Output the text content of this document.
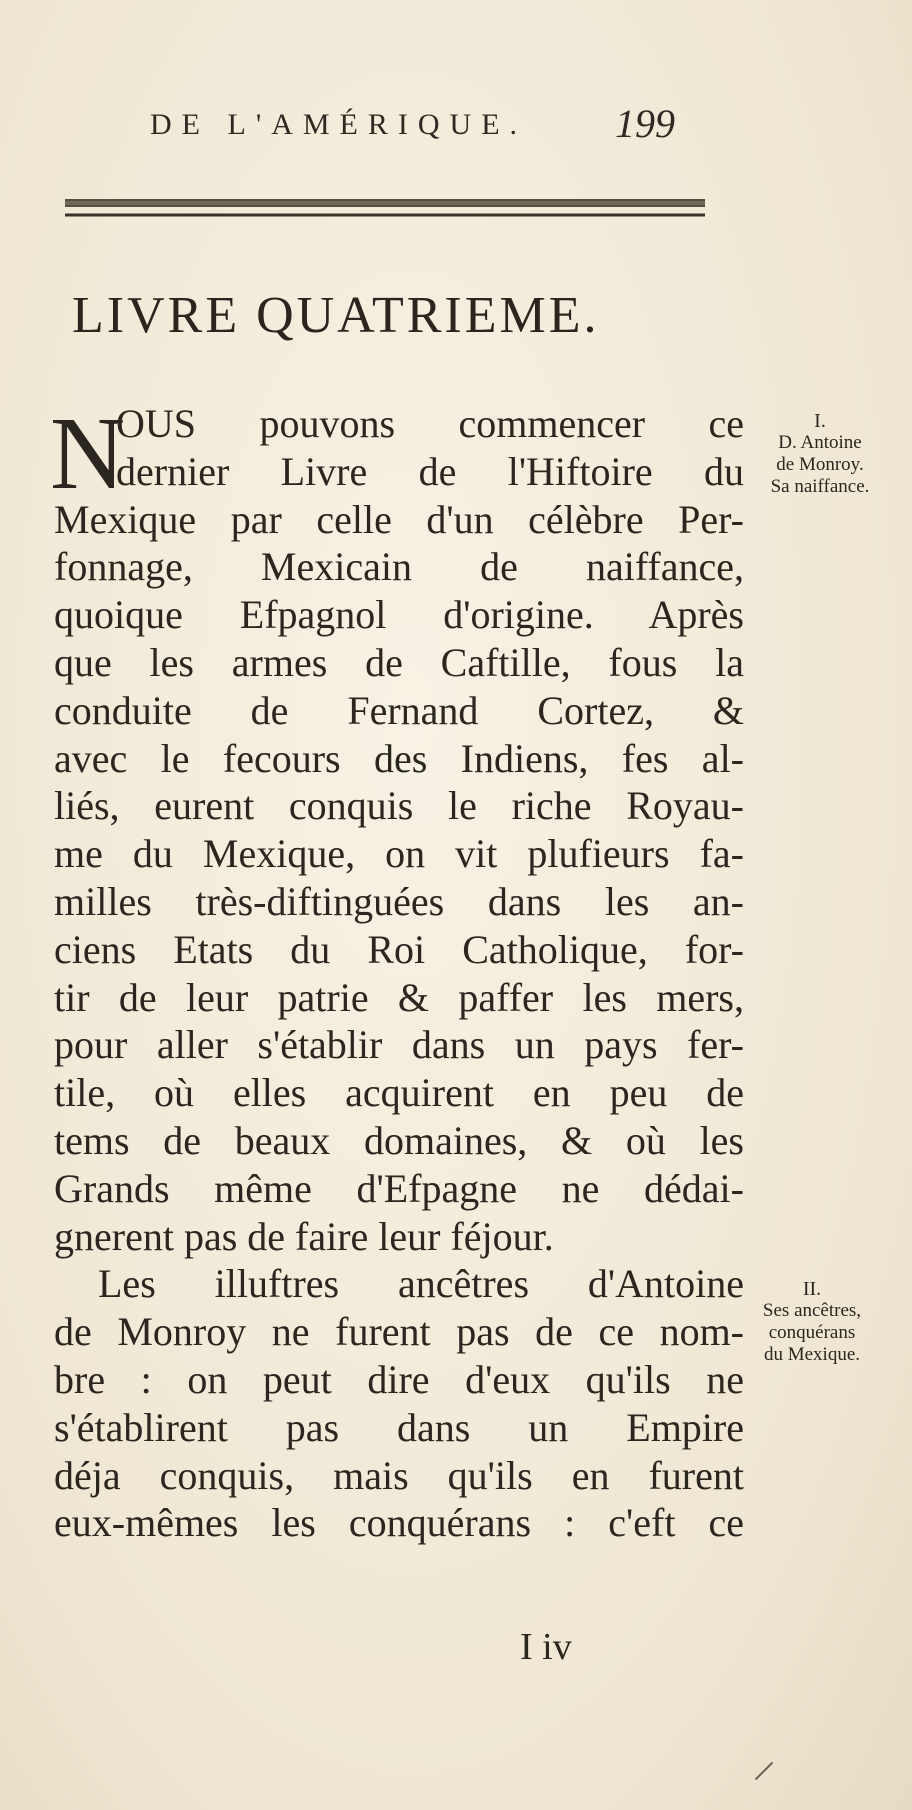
DE L'AMÉRIQUE. 199
LIVRE QUATRIEME.
N
OUS pouvons commencer ce
dernier Livre de l'Hiftoire du
Mexique par celle d'un célèbre Per-
fonnage, Mexicain de naiffance,
quoique Efpagnol d'origine. Après
que les armes de Caftille, fous la
conduite de Fernand Cortez, &
avec le fecours des Indiens, fes al-
liés, eurent conquis le riche Royau-
me du Mexique, on vit plufieurs fa-
milles très-diftinguées dans les an-
ciens Etats du Roi Catholique, for-
tir de leur patrie & paffer les mers,
pour aller s'établir dans un pays fer-
tile, où elles acquirent en peu de
tems de beaux domaines, & où les
Grands même d'Efpagne ne dédai-
gnerent pas de faire leur féjour.
Les illuftres ancêtres d'Antoine
de Monroy ne furent pas de ce nom-
bre : on peut dire d'eux qu'ils ne
s'établirent pas dans un Empire
déja conquis, mais qu'ils en furent
eux-mêmes les conquérans : c'eft ce
I iv
I.
D. Antoine
de Monroy.
Sa naiffance.
II.
Ses ancêtres,
conquérans
du Mexique.
